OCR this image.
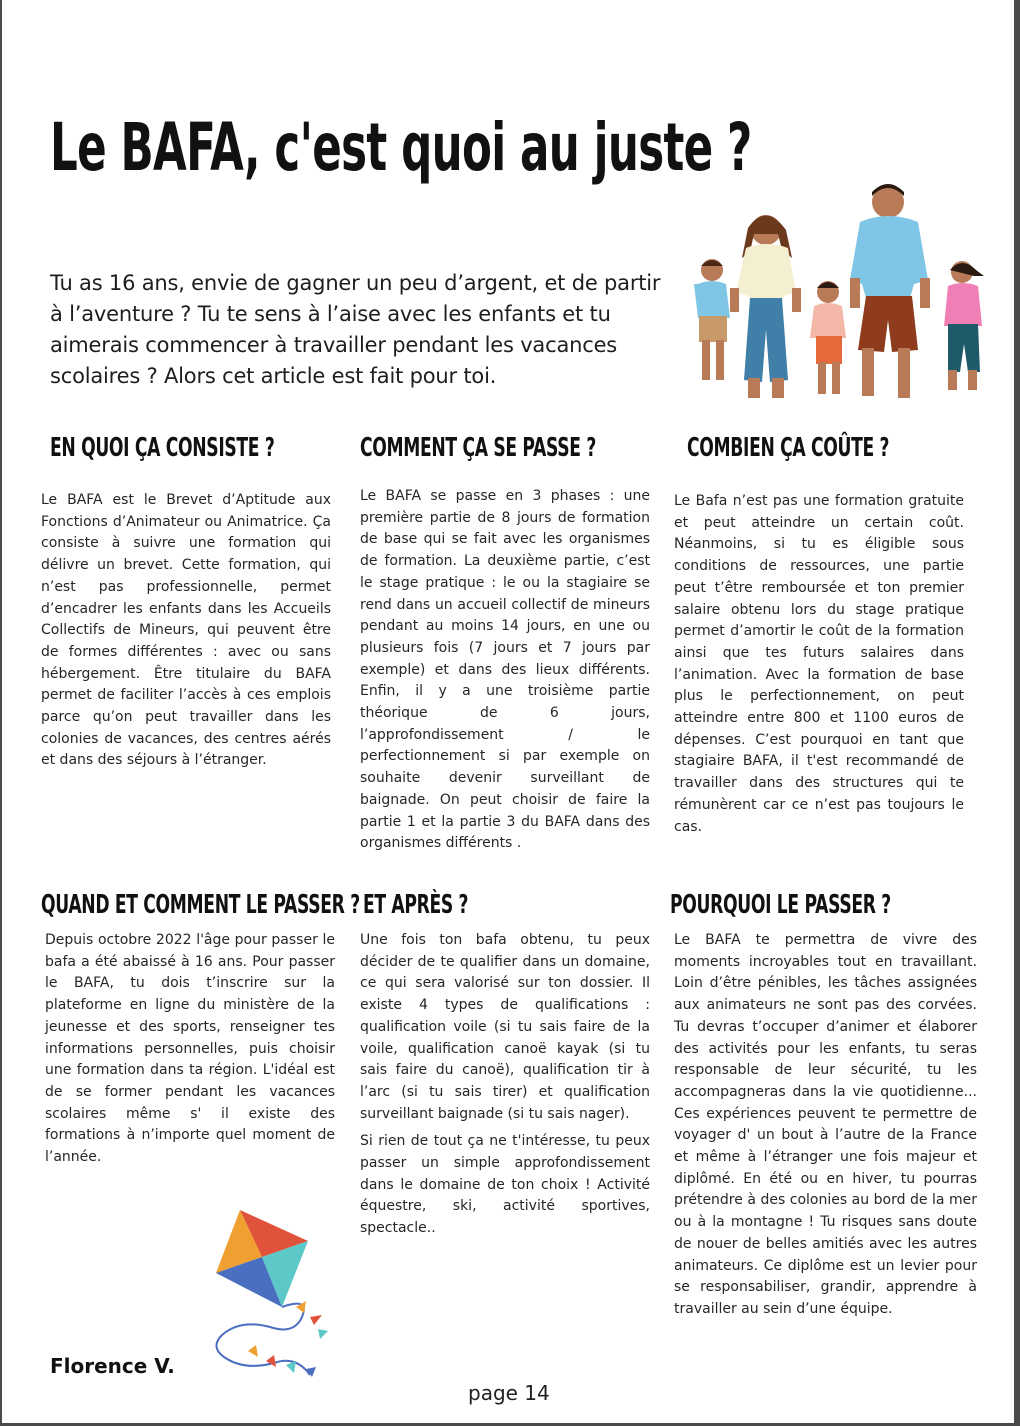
Le BAFA, c'est quoi au juste ?

Tu as 16 ans, envie de gagner un peu d’argent, et de partir à l’aventure ? Tu te sens à l’aise avec les enfants et tu aimerais commencer à travailler pendant les vacances scolaires ? Alors cet article est fait pour toi.

EN QUOI ÇA CONSISTE ?	COMMENT ÇA SE PASSE ?	COMBIEN ÇA COÛTE ?
QUAND ET COMMENT LE PASSER ? ET APRÈS ?	POURQUOI LE PASSER ?

Le BAFA est le Brevet d’Aptitude aux Fonctions d’Animateur ou Animatrice. Ça consiste à suivre une formation qui délivre un brevet. Cette formation, qui n’est pas professionnelle, permet d’encadrer les enfants dans les Accueils Collectifs de Mineurs, qui peuvent être de formes différentes : avec ou sans hébergement. Être titulaire du BAFA permet de faciliter l’accès à ces emplois parce qu’on peut travailler dans les colonies de vacances, des centres aérés et dans des séjours à l’étranger.

Le BAFA se passe en 3 phases : une première partie de 8 jours de formation de base qui se fait avec les organismes de formation. La deuxième partie, c’est le stage pratique : le ou la stagiaire se rend dans un accueil collectif de mineurs pendant au moins 14 jours, en une ou plusieurs fois (7 jours et 7 jours par exemple) et dans des lieux différents. Enfin, il y a une troisième partie théorique de 6 jours, l’approfondissement / le perfectionnement si par exemple on souhaite devenir surveillant de baignade. On peut choisir de faire la partie 1 et la partie 3 du BAFA dans des organismes différents .

Le Bafa n’est pas une formation gratuite et peut atteindre un certain coût. Néanmoins, si tu es éligible sous conditions de ressources, une partie peut t’être remboursée et ton premier salaire obtenu lors du stage pratique permet d’amortir le coût de la formation ainsi que tes futurs salaires dans l’animation. Avec la formation de base plus le perfectionnement, on peut atteindre entre 800 et 1100 euros de dépenses. C’est pourquoi en tant que stagiaire BAFA, il t'est recommandé de travailler dans des structures qui te rémunèrent car ce n’est pas toujours le cas.

Depuis octobre 2022 l'âge pour passer le bafa a été abaissé à 16 ans. Pour passer le BAFA, tu dois t’inscrire sur la plateforme en ligne du ministère de la jeunesse et des sports, renseigner tes informations personnelles, puis choisir une formation dans ta région. L'idéal est de se former pendant les vacances scolaires même s' il existe des formations à n’importe quel moment de l’année.

Une fois ton bafa obtenu, tu peux décider de te qualifier dans un domaine, ce qui sera valorisé sur ton dossier. Il existe 4 types de qualifications : qualification voile (si tu sais faire de la voile, qualification canoë kayak (si tu sais faire du canoë), qualification tir à l’arc (si tu sais tirer) et qualification surveillant baignade (si tu sais nager).

Si rien de tout ça ne t'intéresse, tu peux passer un simple approfondissement dans le domaine de ton choix ! Activité équestre, ski, activité sportives, spectacle..

Le BAFA te permettra de vivre des moments incroyables tout en travaillant. Loin d’être pénibles, les tâches assignées aux animateurs ne sont pas des corvées. Tu devras t’occuper d’animer et élaborer des activités pour les enfants, tu seras responsable de leur sécurité, tu les accompagneras dans la vie quotidienne... Ces expériences peuvent te permettre de voyager d' un bout à l’autre de la France et même à l’étranger une fois majeur et diplômé. En été ou en hiver, tu pourras prétendre à des colonies au bord de la mer ou à la montagne ! Tu risques sans doute de nouer de belles amitiés avec les autres animateurs. Ce diplôme est un levier pour se responsabiliser, grandir, apprendre à travailler au sein d’une équipe.

Florence V.

page 14
